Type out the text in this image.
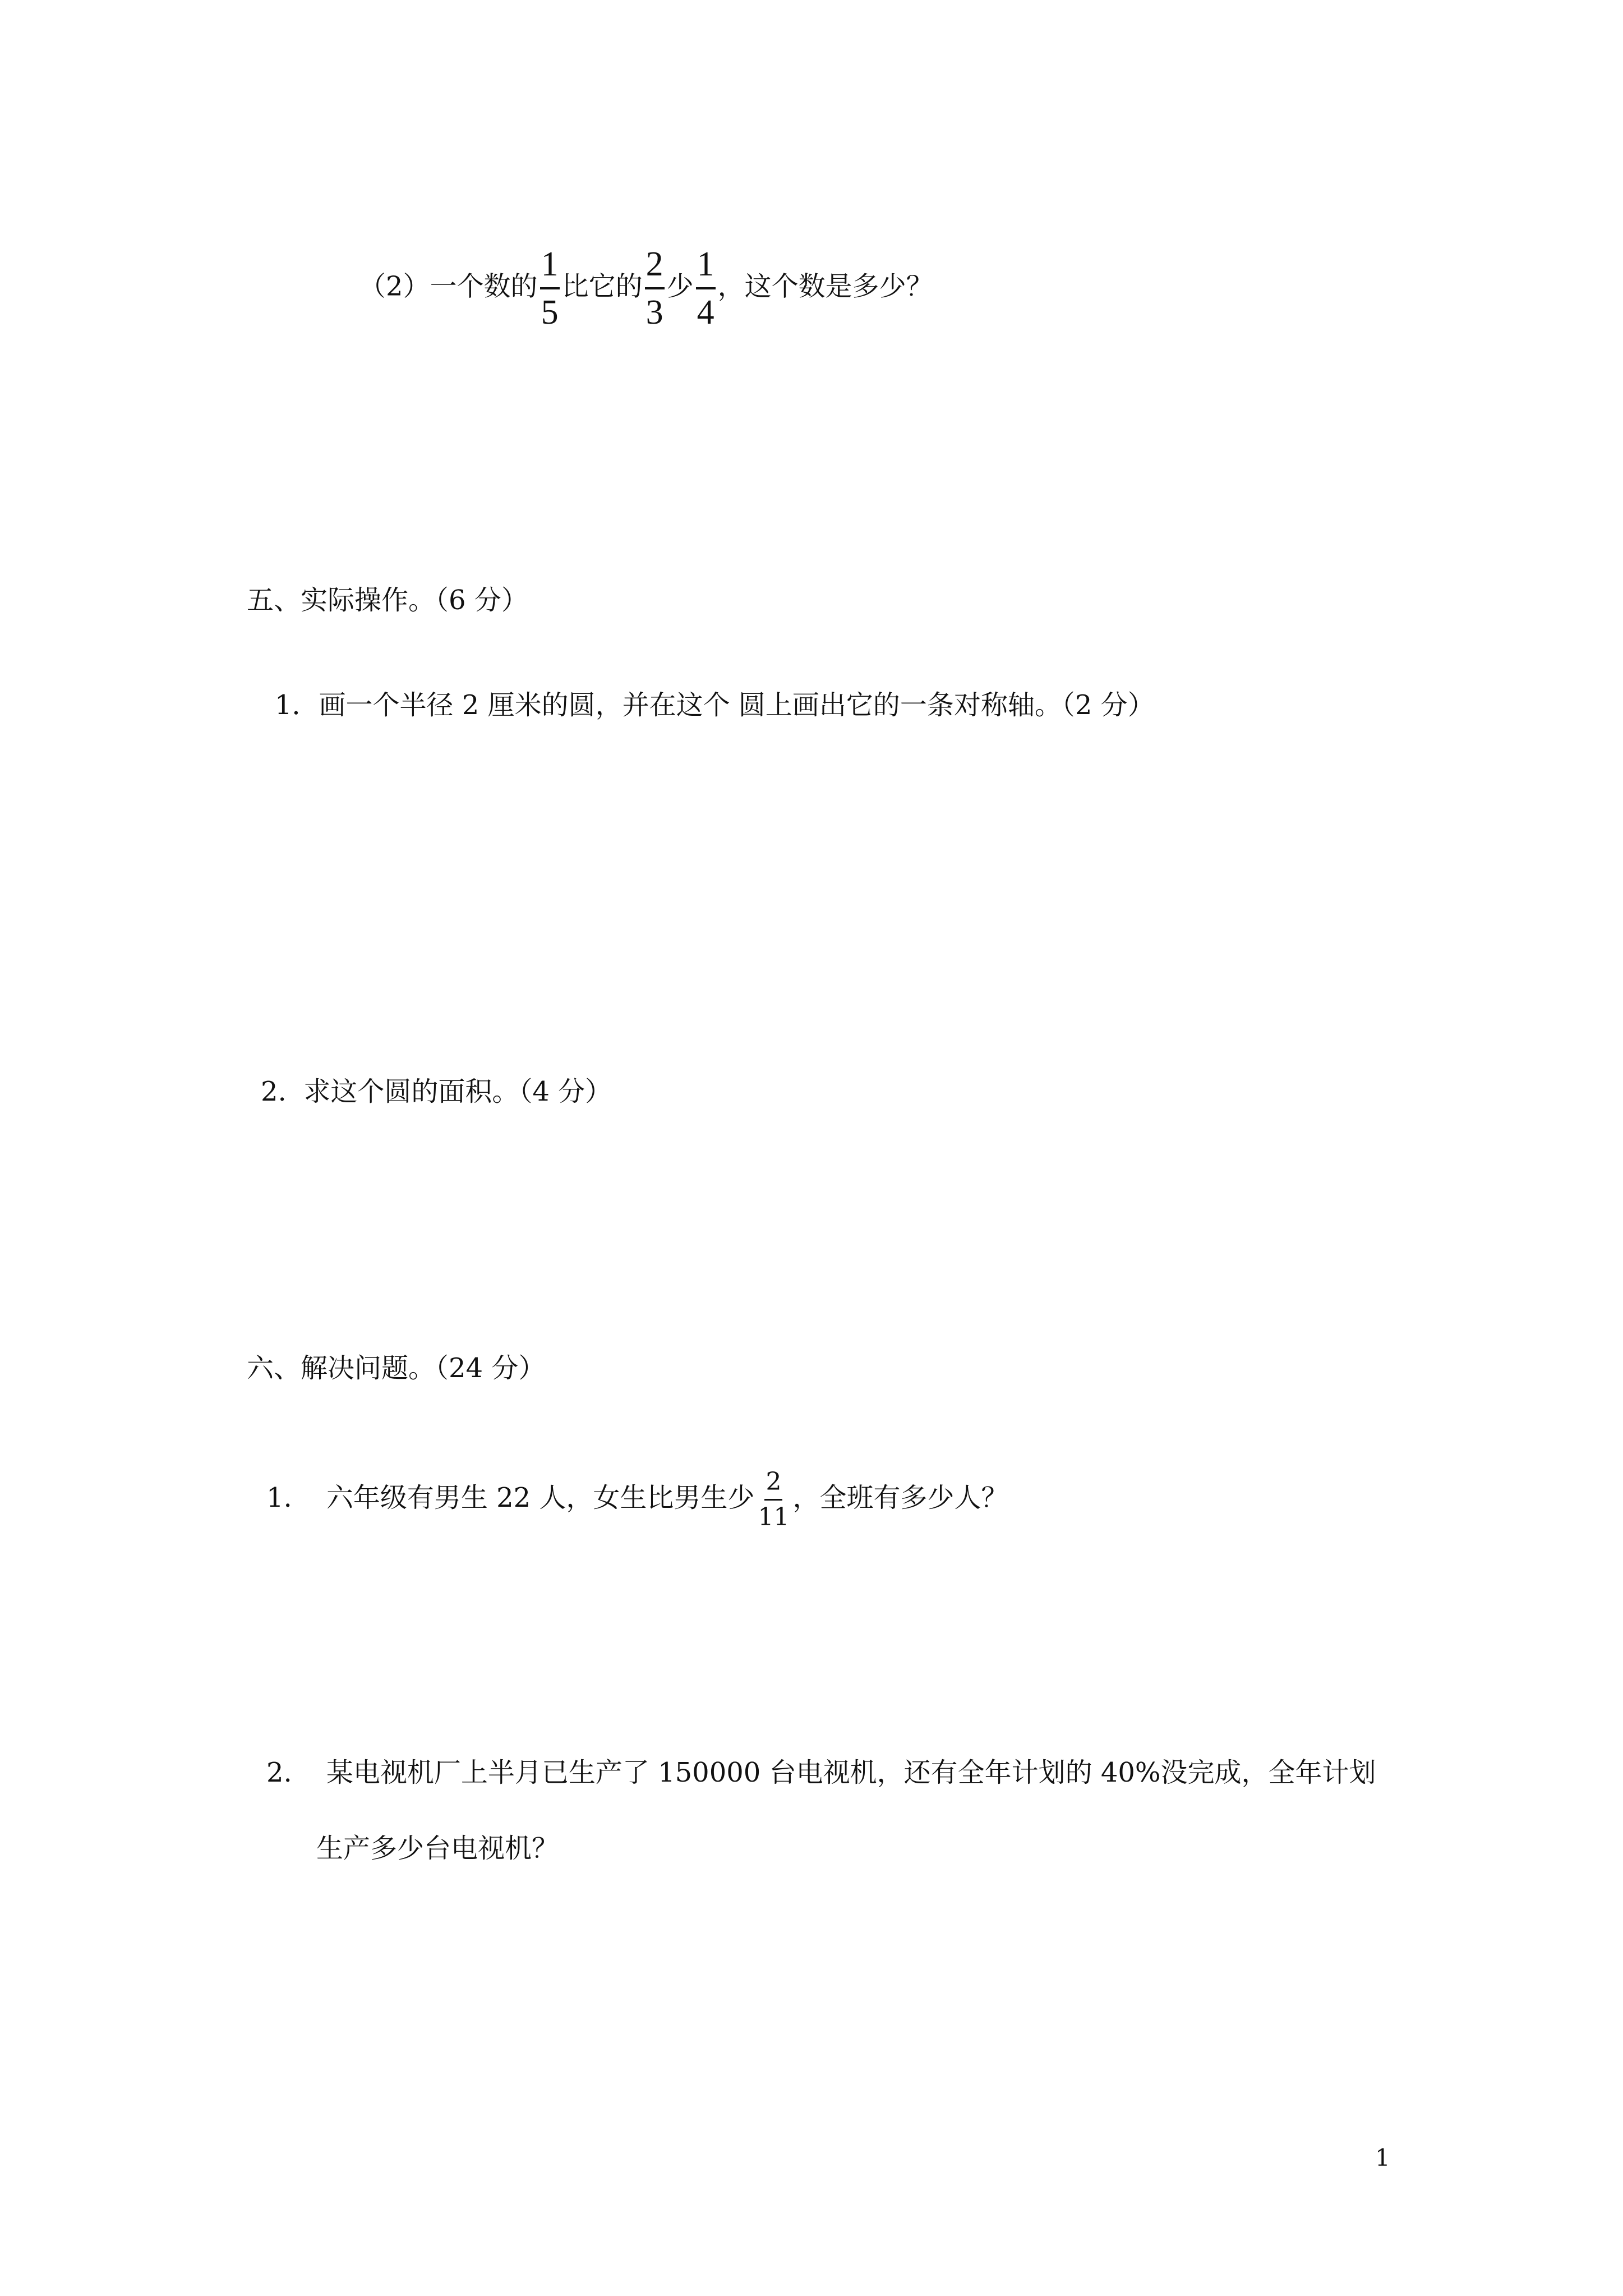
（2）一个数的 $\frac{1}{5}$ 比它的 $\frac{2}{3}$ 少 $\frac{1}{4}$ ，这个数是多少？
五、实际操作。（6 分）
1．画一个半径 2 厘米的圆，并在这个 圆上画出它的一条对称轴。（2 分）
2. 求这个圆的面积。（4 分）
六、解决问题。（24 分）
1. 六年级有男生 22 人，女生比男生少 $\frac{2}{11}$ ，全班有多少人？
2. 某电视机厂上半月已生产了 150000 台电视机，还有全年计划的 40%没完成，全年计划
生产多少台电视机？
1
